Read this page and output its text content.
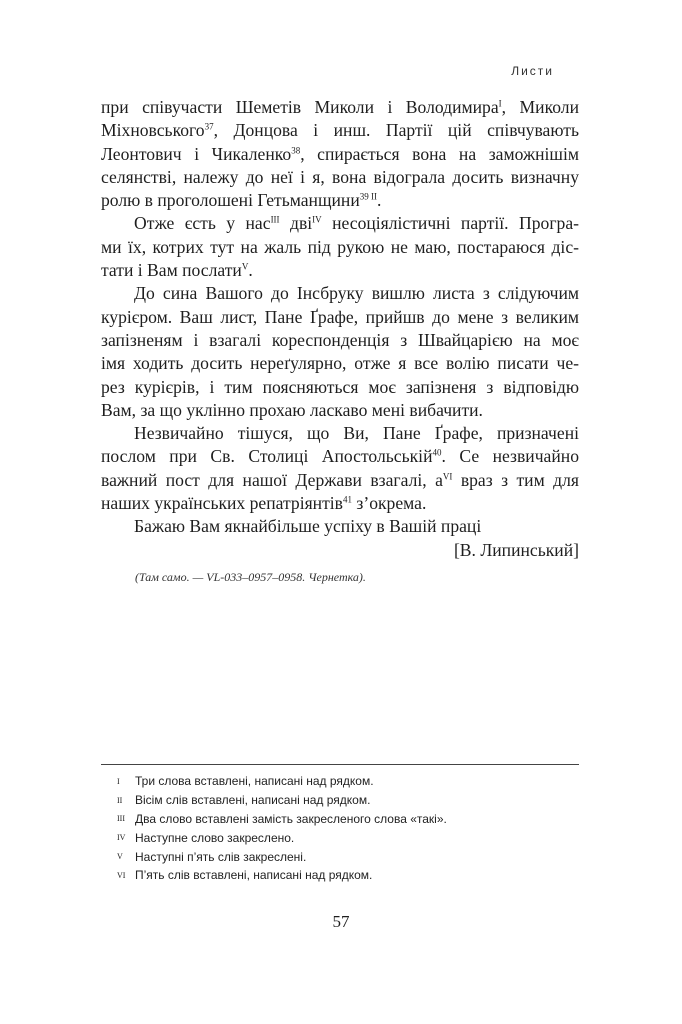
Листи
при співучасти Шеметів Миколи і Володимира$^I$, Миколи
Міхновського$^{37}$, Донцова і инш. Партії цій співчувають
Леонтович і Чикаленко$^{38}$, спирається вона на заможнішім
селянстві, належу до неї і я, вона відограла досить визначну
ролю в проголошені Гетьманщини$^{39 II}$.
Отже єсть у нас$^{III}$ дві$^{IV}$ несоціялістичні партії. Програ-
ми їх, котрих тут на жаль під рукою не маю, постараюся діс-
тати і Вам послати$^V$.
До сина Вашого до Інсбруку вишлю листа з слідуючим
курієром. Ваш лист, Пане Ґрафе, прийшв до мене з великим
запізненям і взагалі кореспонденція з Швайцарією на моє
імя ходить досить нереґулярно, отже я все волію писати че-
рез курієрів, і тим поясняються моє запізненя з відповідю
Вам, за що уклінно прохаю ласкаво мені вибачити.
Незвичайно тішуся, що Ви, Пане Ґрафе, призначені
послом при Св. Столиці Апостольській$^{40}$. Се незвичайно
важний пост для нашої Держави взагалі, $а^{VI}$ враз з тим для
наших українських репатріянтів$^{41}$ з’окрема.
Бажаю Вам якнайбільше успіху в Вашій праці
[В. Липинський]
(Там само. — VL-033–0957–0958. Чернетка).
I	Три слова вставлені, написані над рядком.
II	Вісім слів вставлені, написані над рядком.
III Два слово вставлені замість закресленого слова «такі».
IV Наступне слово закреслено.
V	Наступні п’ять слів закреслені.
VI П’ять слів вставлені, написані над рядком.
57
